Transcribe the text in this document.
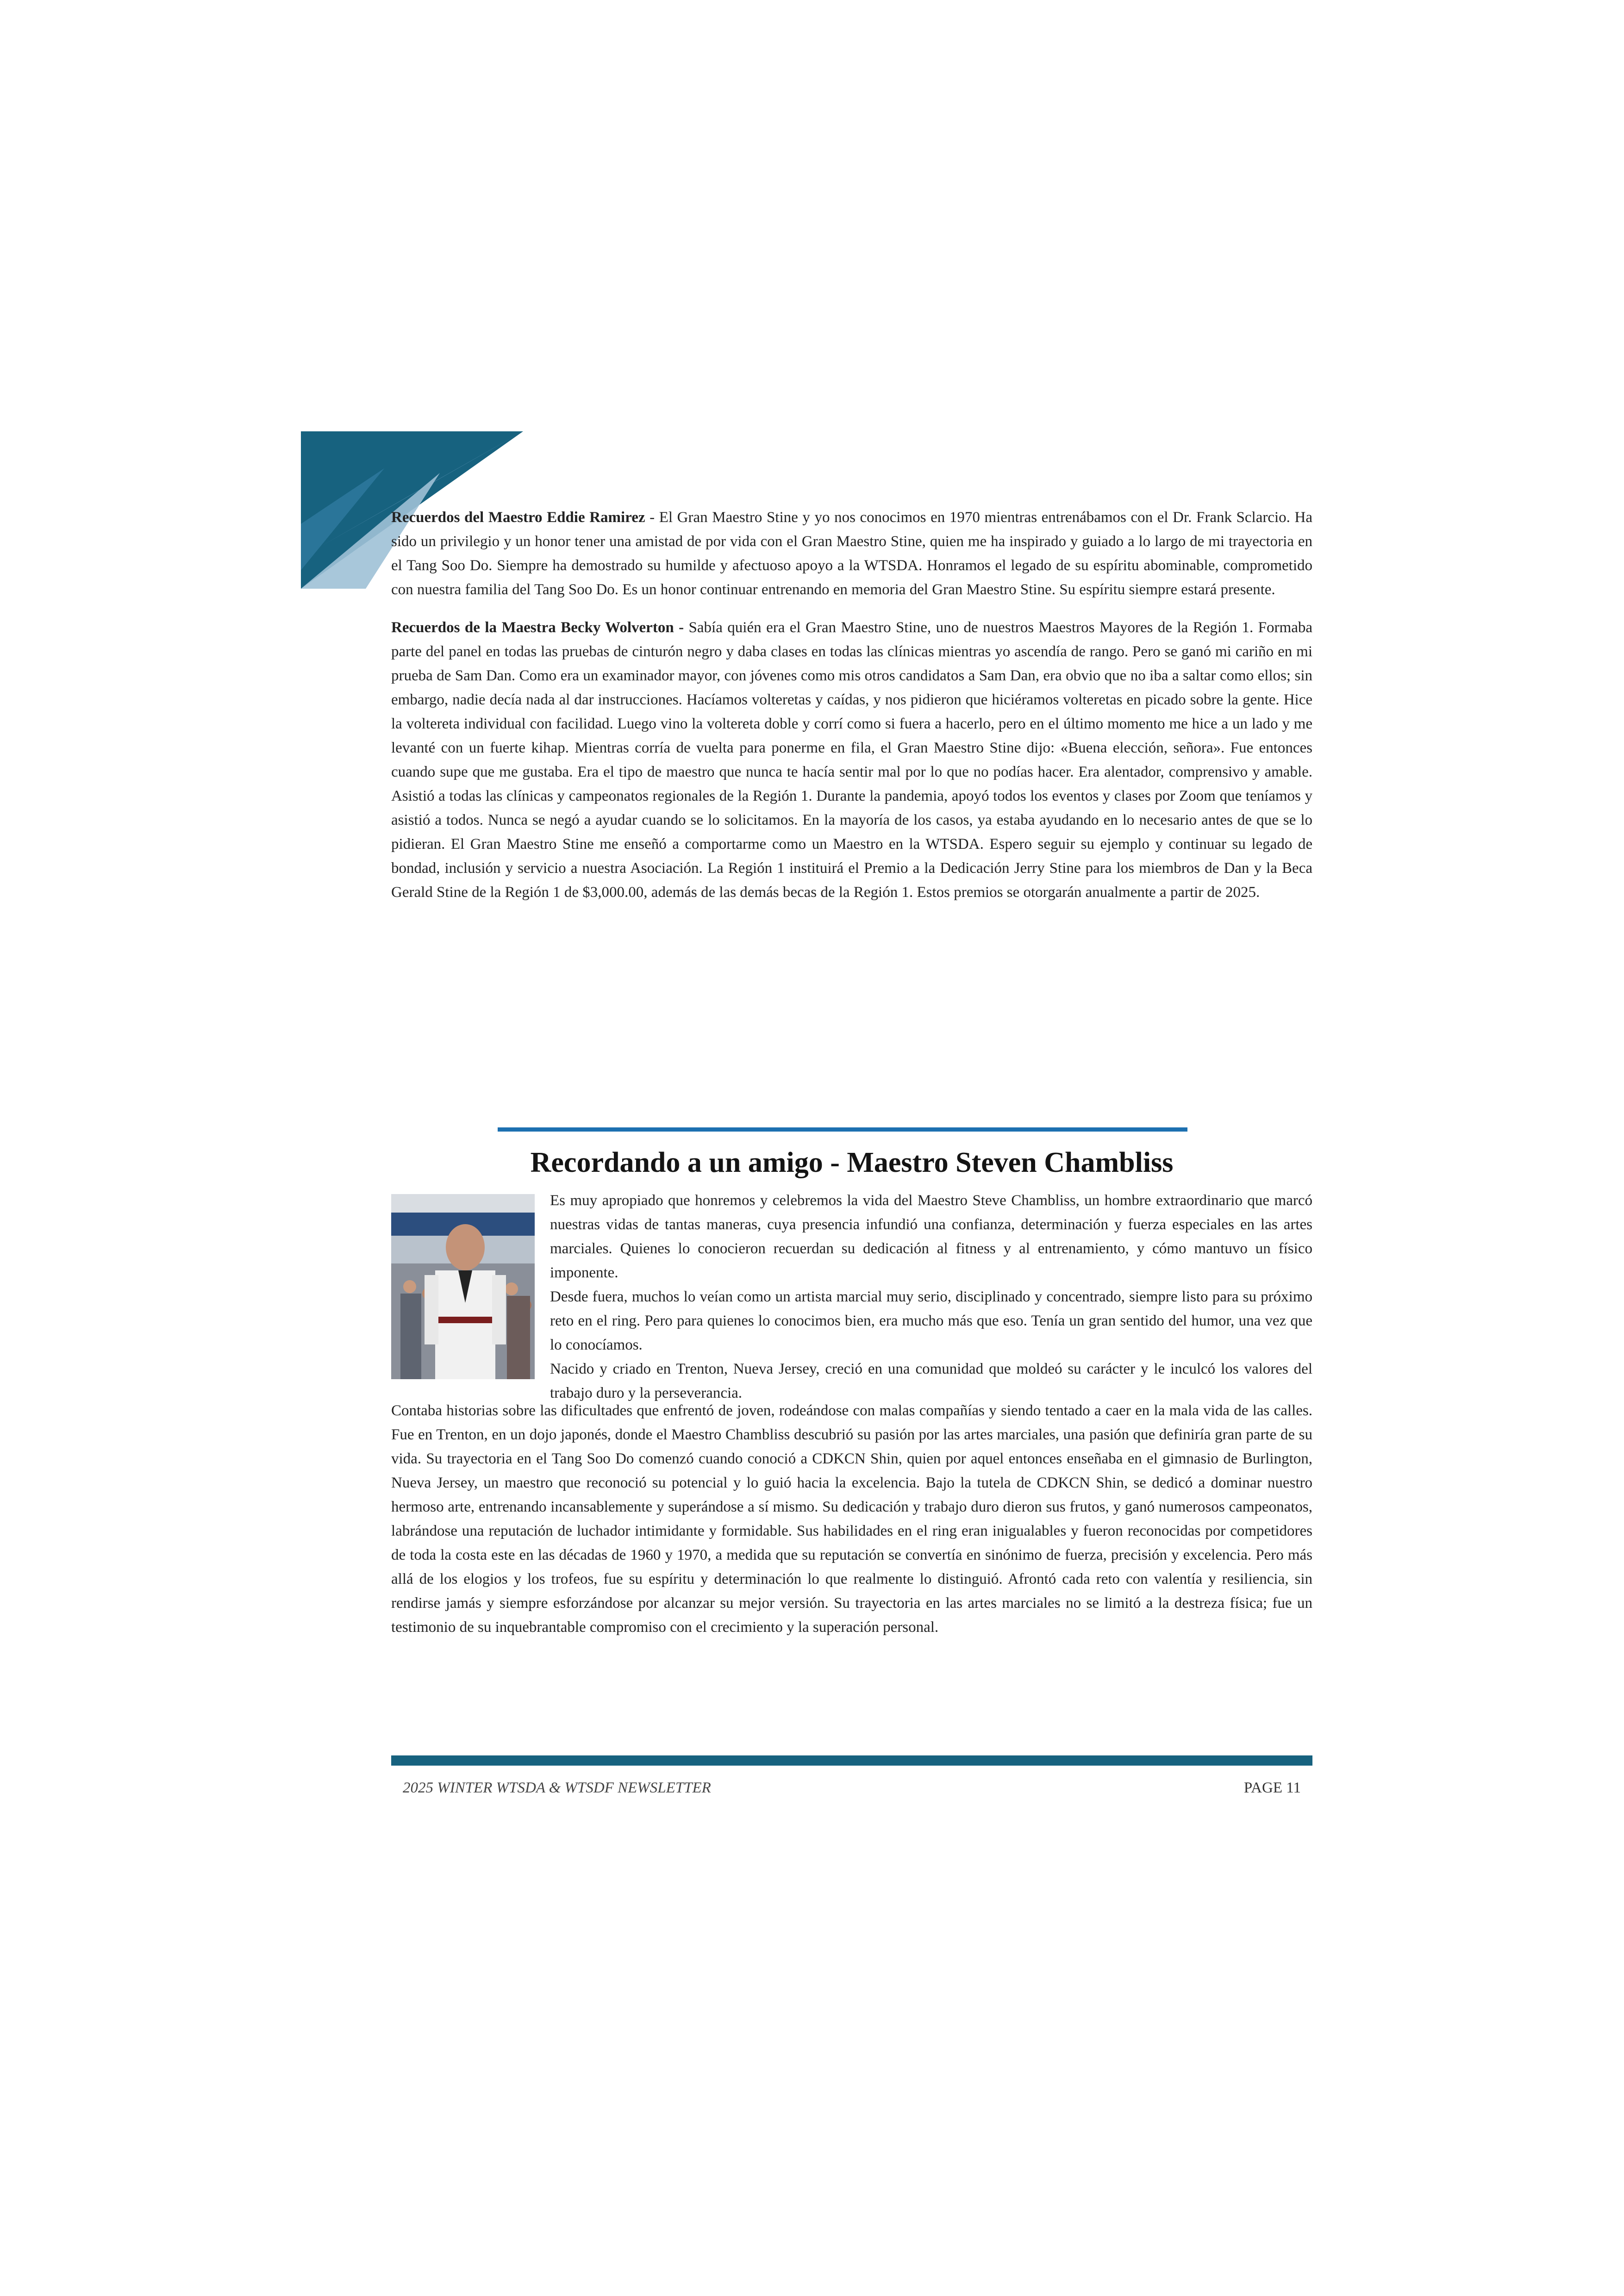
Recuerdos del Maestro Eddie Ramirez - El Gran Maestro Stine y yo nos conocimos en 1970 mientras entrenábamos con el Dr. Frank Sclarcio. Ha sido un privilegio y un honor tener una amistad de por vida con el Gran Maestro Stine, quien me ha inspirado y guiado a lo largo de mi trayectoria en el Tang Soo Do. Siempre ha demostrado su humilde y afectuoso apoyo a la WTSDA. Honramos el legado de su espíritu abominable, comprometido con nuestra familia del Tang Soo Do. Es un honor continuar entrenando en memoria del Gran Maestro Stine. Su espíritu siempre estará presente.

Recuerdos de la Maestra Becky Wolverton - Sabía quién era el Gran Maestro Stine, uno de nuestros Maestros Mayores de la Región 1. Formaba parte del panel en todas las pruebas de cinturón negro y daba clases en todas las clínicas mientras yo ascendía de rango. Pero se ganó mi cariño en mi prueba de Sam Dan. Como era un examinador mayor, con jóvenes como mis otros candidatos a Sam Dan, era obvio que no iba a saltar como ellos; sin embargo, nadie decía nada al dar instrucciones. Hacíamos volteretas y caídas, y nos pidieron que hiciéramos volteretas en picado sobre la gente. Hice la voltereta individual con facilidad. Luego vino la voltereta doble y corrí como si fuera a hacerlo, pero en el último momento me hice a un lado y me levanté con un fuerte kihap. Mientras corría de vuelta para ponerme en fila, el Gran Maestro Stine dijo: «Buena elección, señora». Fue entonces cuando supe que me gustaba. Era el tipo de maestro que nunca te hacía sentir mal por lo que no podías hacer. Era alentador, comprensivo y amable. Asistió a todas las clínicas y campeonatos regionales de la Región 1. Durante la pandemia, apoyó todos los eventos y clases por Zoom que teníamos y asistió a todos. Nunca se negó a ayudar cuando se lo solicitamos. En la mayoría de los casos, ya estaba ayudando en lo necesario antes de que se lo pidieran. El Gran Maestro Stine me enseñó a comportarme como un Maestro en la WTSDA. Espero seguir su ejemplo y continuar su legado de bondad, inclusión y servicio a nuestra Asociación. La Región 1 instituirá el Premio a la Dedicación Jerry Stine para los miembros de Dan y la Beca Gerald Stine de la Región 1 de $3,000.00, además de las demás becas de la Región 1. Estos premios se otorgarán anualmente a partir de 2025.

Recordando a un amigo - Maestro Steven Chambliss

Es muy apropiado que honremos y celebremos la vida del Maestro Steve Chambliss, un hombre extraordinario que marcó nuestras vidas de tantas maneras, cuya presencia infundió una confianza, determinación y fuerza especiales en las artes marciales. Quienes lo conocieron recuerdan su dedicación al fitness y al entrenamiento, y cómo mantuvo un físico imponente.

Desde fuera, muchos lo veían como un artista marcial muy serio, disciplinado y concentrado, siempre listo para su próximo reto en el ring. Pero para quienes lo conocimos bien, era mucho más que eso. Tenía un gran sentido del humor, una vez que lo conocíamos.

Nacido y criado en Trenton, Nueva Jersey, creció en una comunidad que moldeó su carácter y le inculcó los valores del trabajo duro y la perseverancia.

Contaba historias sobre las dificultades que enfrentó de joven, rodeándose con malas compañías y siendo tentado a caer en la mala vida de las calles. Fue en Trenton, en un dojo japonés, donde el Maestro Chambliss descubrió su pasión por las artes marciales, una pasión que definiría gran parte de su vida. Su trayectoria en el Tang Soo Do comenzó cuando conoció a CDKCN Shin, quien por aquel entonces enseñaba en el gimnasio de Burlington, Nueva Jersey, un maestro que reconoció su potencial y lo guió hacia la excelencia. Bajo la tutela de CDKCN Shin, se dedicó a dominar nuestro hermoso arte, entrenando incansablemente y superándose a sí mismo. Su dedicación y trabajo duro dieron sus frutos, y ganó numerosos campeonatos, labrándose una reputación de luchador intimidante y formidable. Sus habilidades en el ring eran inigualables y fueron reconocidas por competidores de toda la costa este en las décadas de 1960 y 1970, a medida que su reputación se convertía en sinónimo de fuerza, precisión y excelencia. Pero más allá de los elogios y los trofeos, fue su espíritu y determinación lo que realmente lo distinguió. Afrontó cada reto con valentía y resiliencia, sin rendirse jamás y siempre esforzándose por alcanzar su mejor versión. Su trayectoria en las artes marciales no se limitó a la destreza física; fue un testimonio de su inquebrantable compromiso con el crecimiento y la superación personal.

2025 WINTER WTSDA & WTSDF NEWSLETTER	PAGE 11
